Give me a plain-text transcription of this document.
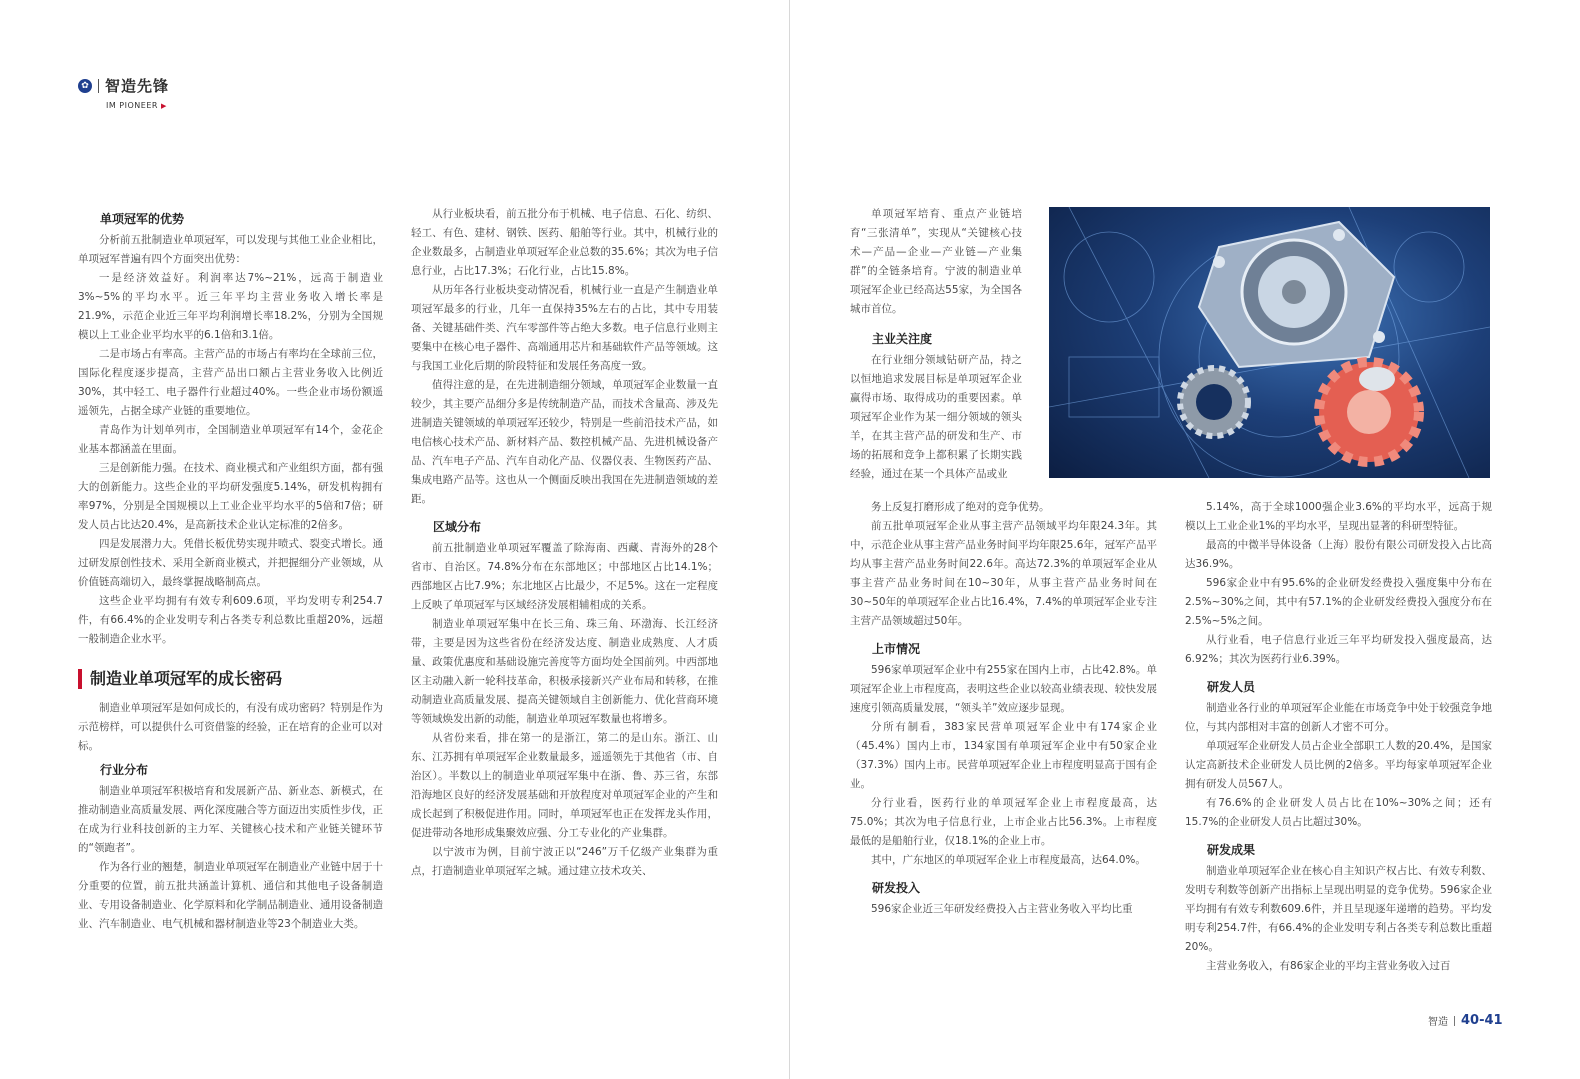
✿ 智造先锋
IM PIONEER ▶
单项冠军的优势

分析前五批制造业单项冠军，可以发现与其他工业企业相比，单项冠军普遍有四个方面突出优势：

一是经济效益好。利润率达7%~21%，远高于制造业3%~5%的平均水平。近三年平均主营业务收入增长率是21.9%，示范企业近三年平均利润增长率18.2%，分别为全国规模以上工业企业平均水平的6.1倍和3.1倍。

二是市场占有率高。主营产品的市场占有率均在全球前三位，国际化程度逐步提高，主营产品出口额占主营业务收入比例近30%，其中轻工、电子器件行业超过40%。一些企业市场份额遥遥领先，占据全球产业链的重要地位。

青岛作为计划单列市，全国制造业单项冠军有14个，金花企业基本都涵盖在里面。

三是创新能力强。在技术、商业模式和产业组织方面，都有强大的创新能力。这些企业的平均研发强度5.14%，研发机构拥有率97%，分别是全国规模以上工业企业平均水平的5倍和7倍；研发人员占比达20.4%，是高新技术企业认定标准的2倍多。

四是发展潜力大。凭借长板优势实现井喷式、裂变式增长。通过研发原创性技术、采用全新商业模式，并把握细分产业领域，从价值链高端切入，最终掌握战略制高点。

这些企业平均拥有有效专利609.6项，平均发明专利254.7件，有66.4%的企业发明专利占各类专利总数比重超20%，远超一般制造企业水平。

制造业单项冠军的成长密码

制造业单项冠军是如何成长的，有没有成功密码？特别是作为示范榜样，可以提供什么可资借鉴的经验，正在培育的企业可以对标。

行业分布

制造业单项冠军积极培育和发展新产品、新业态、新模式，在推动制造业高质量发展、两化深度融合等方面迈出实质性步伐，正在成为行业科技创新的主力军、关键核心技术和产业链关键环节的“领跑者”。

作为各行业的翘楚，制造业单项冠军在制造业产业链中居于十分重要的位置，前五批共涵盖计算机、通信和其他电子设备制造业、专用设备制造业、化学原料和化学制品制造业、通用设备制造业、汽车制造业、电气机械和器材制造业等23个制造业大类。

从行业板块看，前五批分布于机械、电子信息、石化、纺织、轻工、有色、建材、钢铁、医药、船舶等行业。其中，机械行业的企业数最多，占制造业单项冠军企业总数的35.6%；其次为电子信息行业，占比17.3%；石化行业，占比15.8%。

从历年各行业板块变动情况看，机械行业一直是产生制造业单项冠军最多的行业，几年一直保持35%左右的占比，其中专用装备、关键基础件类、汽车零部件等占绝大多数。电子信息行业则主要集中在核心电子器件、高端通用芯片和基础软件产品等领域。这与我国工业化后期的阶段特征和发展任务高度一致。

值得注意的是，在先进制造细分领域，单项冠军企业数量一直较少，其主要产品细分多是传统制造产品，而技术含量高、涉及先进制造关键领域的单项冠军还较少，特别是一些前沿技术产品，如电信核心技术产品、新材料产品、数控机械产品、先进机械设备产品、汽车电子产品、汽车自动化产品、仪器仪表、生物医药产品、集成电路产品等。这也从一个侧面反映出我国在先进制造领域的差距。

区域分布

前五批制造业单项冠军覆盖了除海南、西藏、青海外的28个省市、自治区。74.8%分布在东部地区；中部地区占比14.1%；西部地区占比7.9%；东北地区占比最少，不足5%。这在一定程度上反映了单项冠军与区域经济发展相辅相成的关系。

制造业单项冠军集中在长三角、珠三角、环渤海、长江经济带，主要是因为这些省份在经济发达度、制造业成熟度、人才质量、政策优惠度和基础设施完善度等方面均处全国前列。中西部地区主动融入新一轮科技革命，积极承接新兴产业布局和转移，在推动制造业高质量发展、提高关键领域自主创新能力、优化营商环境等领域焕发出新的动能，制造业单项冠军数量也将增多。

从省份来看，排在第一的是浙江，第二的是山东。浙江、山东、江苏拥有单项冠军企业数量最多，遥遥领先于其他省（市、自治区）。半数以上的制造业单项冠军集中在浙、鲁、苏三省，东部沿海地区良好的经济发展基础和开放程度对单项冠军企业的产生和成长起到了积极促进作用。同时，单项冠军也正在发挥龙头作用，促进带动各地形成集聚效应强、分工专业化的产业集群。

以宁波市为例，目前宁波正以“246”万千亿级产业集群为重点，打造制造业单项冠军之城。通过建立技术攻关、

单项冠军培育、重点产业链培育“三张清单”，实现从“关键核心技术—产品—企业—产业链—产业集群”的全链条培育。宁波的制造业单项冠军企业已经高达55家，为全国各城市首位。

主业关注度

在行业细分领域钻研产品，持之以恒地追求发展目标是单项冠军企业赢得市场、取得成功的重要因素。单项冠军企业作为某一细分领域的领头羊，在其主营产品的研发和生产、市场的拓展和竞争上都积累了长期实践经验，通过在某一个具体产品或业

务上反复打磨形成了绝对的竞争优势。

前五批单项冠军企业从事主营产品领域平均年限24.3年。其中，示范企业从事主营产品业务时间平均年限25.6年，冠军产品平均从事主营产品业务时间22.6年。高达72.3%的单项冠军企业从事主营产品业务时间在10~30年，从事主营产品业务时间在30~50年的单项冠军企业占比16.4%，7.4%的单项冠军企业专注主营产品领域超过50年。

上市情况

596家单项冠军企业中有255家在国内上市，占比42.8%。单项冠军企业上市程度高，表明这些企业以较高业绩表现、较快发展速度引领高质量发展，“领头羊”效应逐步显现。

分所有制看，383家民营单项冠军企业中有174家企业（45.4%）国内上市，134家国有单项冠军企业中有50家企业（37.3%）国内上市。民营单项冠军企业上市程度明显高于国有企业。

分行业看，医药行业的单项冠军企业上市程度最高，达75.0%；其次为电子信息行业，上市企业占比56.3%。上市程度最低的是船舶行业，仅18.1%的企业上市。

其中，广东地区的单项冠军企业上市程度最高，达64.0%。

研发投入

596家企业近三年研发经费投入占主营业务收入平均比重

5.14%，高于全球1000强企业3.6%的平均水平，远高于规模以上工业企业1%的平均水平，呈现出显著的科研型特征。

最高的中微半导体设备（上海）股份有限公司研发投入占比高达36.9%。

596家企业中有95.6%的企业研发经费投入强度集中分布在2.5%~30%之间，其中有57.1%的企业研发经费投入强度分布在2.5%~5%之间。

从行业看，电子信息行业近三年平均研发投入强度最高，达6.92%；其次为医药行业6.39%。

研发人员

制造业各行业的单项冠军企业能在市场竞争中处于较强竞争地位，与其内部相对丰富的创新人才密不可分。

单项冠军企业研发人员占企业全部职工人数的20.4%，是国家认定高新技术企业研发人员比例的2倍多。平均每家单项冠军企业拥有研发人员567人。

有76.6%的企业研发人员占比在10%~30%之间；还有15.7%的企业研发人员占比超过30%。

研发成果

制造业单项冠军企业在核心自主知识产权占比、有效专利数、发明专利数等创新产出指标上呈现出明显的竞争优势。596家企业平均拥有有效专利数609.6件，并且呈现逐年递增的趋势。平均发明专利254.7件，有66.4%的企业发明专利占各类专利总数比重超20%。

主营业务收入，有86家企业的平均主营业务收入过百

智造 40-41
